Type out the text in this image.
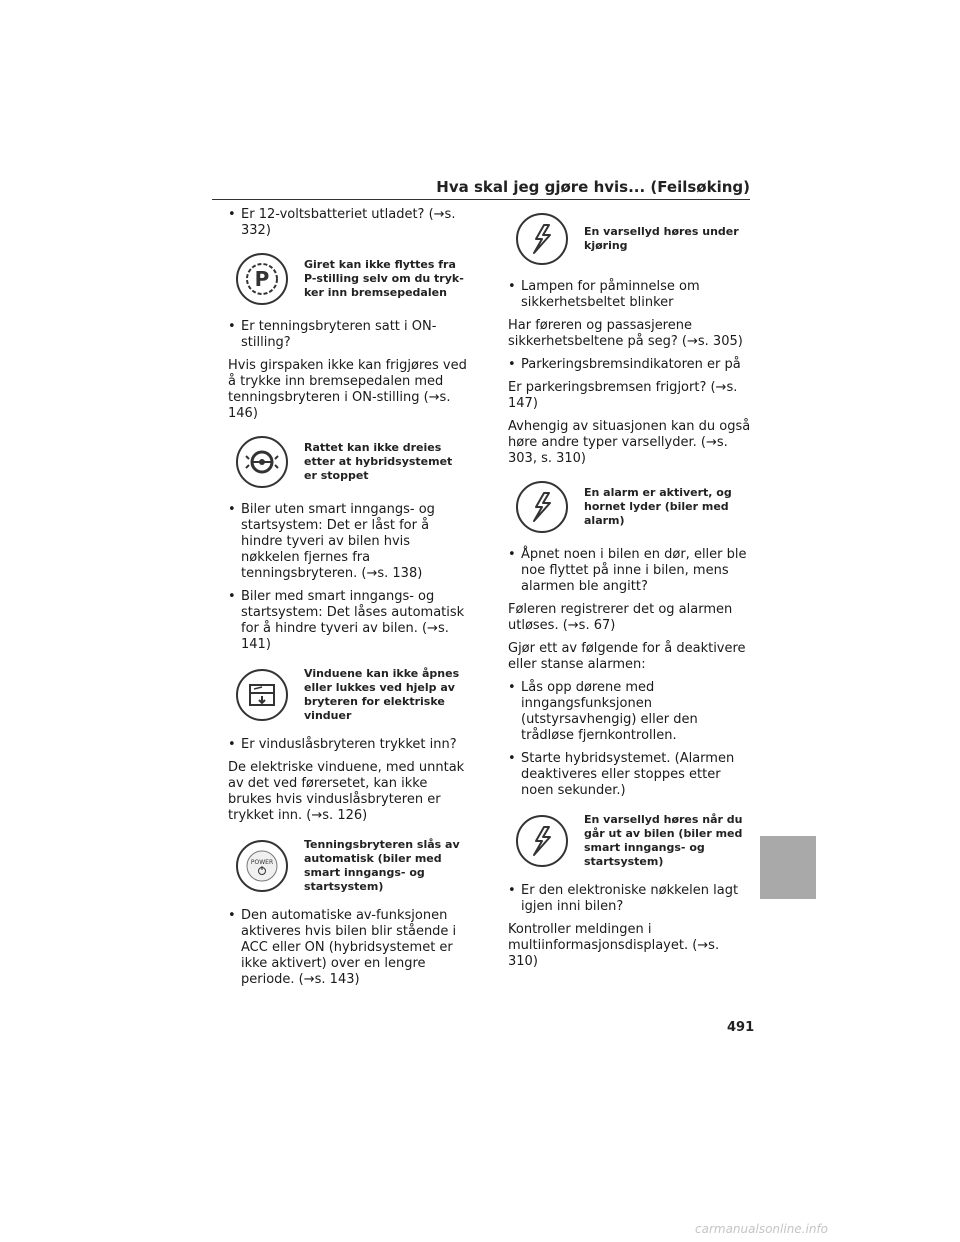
Hva skal jeg gjøre hvis... (Feilsøking)
• Er 12-voltsbatteriet utladet? (→s. 332)
P
Giret kan ikke flyttes fra P-stilling selv om du trykker inn bremsepedalen
• Er tenningsbryteren satt i ON-stilling?
Hvis girspaken ikke kan frigjøres ved å trykke inn bremsepedalen med tenningsbryteren i ON-stilling (→s. 146)
Rattet kan ikke dreies etter at hybridsystemet er stoppet
• Biler uten smart inngangs- og startsystem: Det er låst for å hindre tyveri av bilen hvis nøkkelen fjernes fra tenningsbryteren. (→s. 138)
• Biler med smart inngangs- og startsystem: Det låses automatisk for å hindre tyveri av bilen. (→s. 141)
Vinduene kan ikke åpnes eller lukkes ved hjelp av bryteren for elektriske vinduer
• Er vinduslåsbryteren trykket inn?
De elektriske vinduene, med unntak av det ved førersetet, kan ikke brukes hvis vinduslåsbryteren er trykket inn. (→s. 126)
POWER
Tenningsbryteren slås av automatisk (biler med smart inngangs- og startsystem)
• Den automatiske av-funksjonen aktiveres hvis bilen blir stående i ACC eller ON (hybridsystemet er ikke aktivert) over en lengre periode. (→s. 143)
En varsellyd høres under kjøring
• Lampen for påminnelse om sikkerhetsbeltet blinker
Har føreren og passasjerene sikkerhetsbeltene på seg? (→s. 305)
• Parkeringsbremsindikatoren er på
Er parkeringsbremsen frigjort? (→s. 147)
Avhengig av situasjonen kan du også høre andre typer varsellyder. (→s. 303, s. 310)
En alarm er aktivert, og hornet lyder (biler med alarm)
• Åpnet noen i bilen en dør, eller ble noe flyttet på inne i bilen, mens alarmen ble angitt?
Føleren registrerer det og alarmen utløses. (→s. 67)
Gjør ett av følgende for å deaktivere eller stanse alarmen:
• Lås opp dørene med inngangsfunksjonen (utstyrsavhengig) eller den trådløse fjernkontrollen.
• Starte hybridsystemet. (Alarmen deaktiveres eller stoppes etter noen sekunder.)
En varsellyd høres når du går ut av bilen (biler med smart inngangs- og startsystem)
• Er den elektroniske nøkkelen lagt igjen inni bilen?
Kontroller meldingen i multiinformasjonsdisplayet. (→s. 310)
491
carmanualsonline.info
